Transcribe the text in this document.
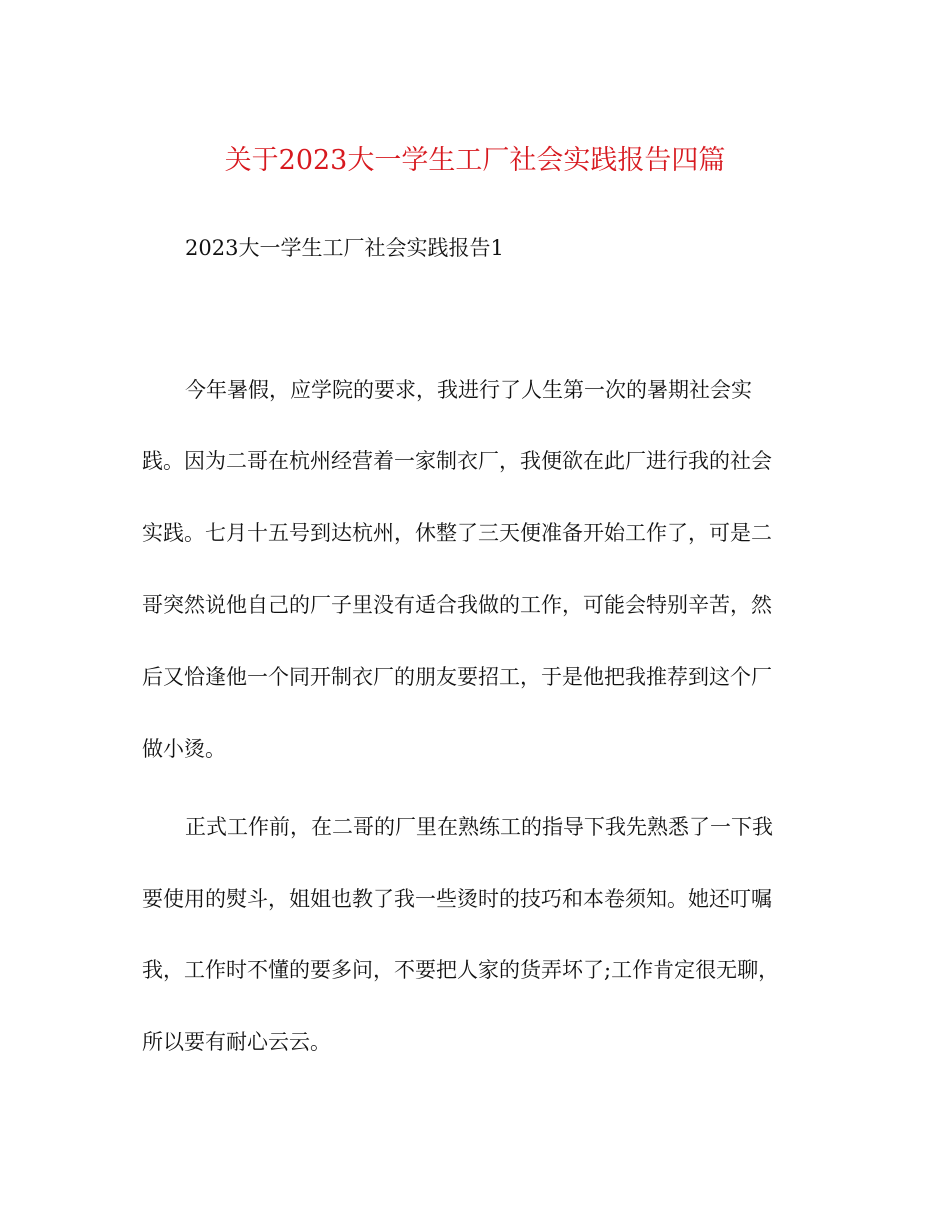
关于2023大一学生工厂社会实践报告四篇
2023大一学生工厂社会实践报告1
今年暑假，应学院的要求，我进行了人生第一次的暑期社会实
践。因为二哥在杭州经营着一家制衣厂，我便欲在此厂进行我的社会
实践。七月十五号到达杭州，休整了三天便准备开始工作了，可是二
哥突然说他自己的厂子里没有适合我做的工作，可能会特别辛苦，然
后又恰逢他一个同开制衣厂的朋友要招工，于是他把我推荐到这个厂
做小烫。
正式工作前，在二哥的厂里在熟练工的指导下我先熟悉了一下我
要使用的熨斗，姐姐也教了我一些烫时的技巧和本卷须知。她还叮嘱
我，工作时不懂的要多问，不要把人家的货弄坏了;工作肯定很无聊，
所以要有耐心云云。
